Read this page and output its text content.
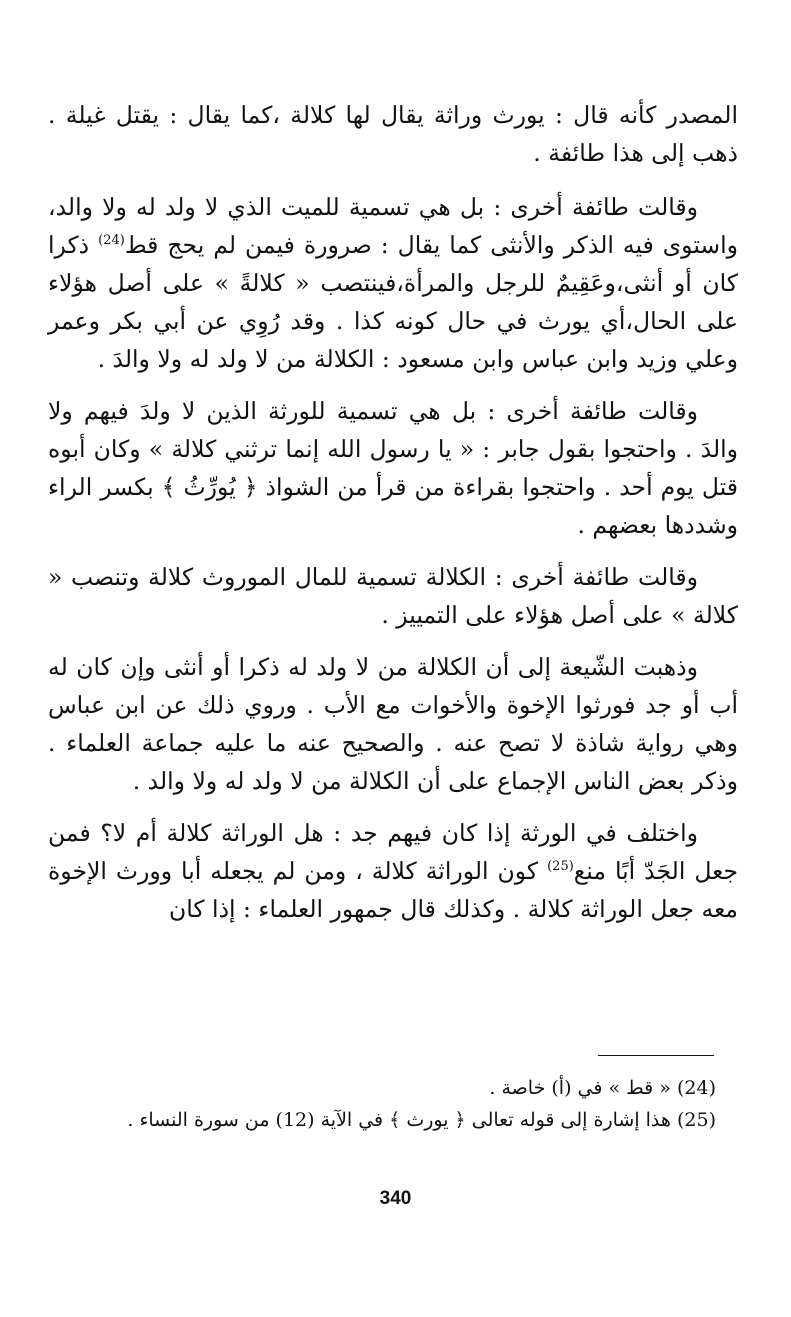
المصدر كأنه قال : يورث وراثة يقال لها كلالة ،كما يقال : يقتل غيلة . ذهب إلى هذا طائفة .

وقالت طائفة أخرى : بل هي تسمية للميت الذي لا ولد له ولا والد، واستوى فيه الذكر والأنثى كما يقال : صرورة فيمن لم يحج قط$^{(24)}$ ذكرا كان أو أنثى،وعَقِيمٌ للرجل والمرأة،فينتصب « كلالةً » على أصل هؤلاء على الحال،أي يورث في حال كونه كذا . وقد رُوِي عن أبي بكر وعمر وعلي وزيد وابن عباس وابن مسعود : الكلالة من لا ولد له ولا والدَ .

وقالت طائفة أخرى : بل هي تسمية للورثة الذين لا ولدَ فيهم ولا والدَ . واحتجوا بقول جابر : « يا رسول الله إنما ترثني كلالة » وكان أبوه قتل يوم أحد . واحتجوا بقراءة من قرأ من الشواذ ﴿ يُورِّثُ ﴾ بكسر الراء وشددها بعضهم .

وقالت طائفة أخرى : الكلالة تسمية للمال الموروث كلالة وتنصب « كلالة » على أصل هؤلاء على التمييز .

وذهبت الشّيعة إلى أن الكلالة من لا ولد له ذكرا أو أنثى وإن كان له أب أو جد فورثوا الإخوة والأخوات مع الأب . وروي ذلك عن ابن عباس وهي رواية شاذة لا تصح عنه . والصحيح عنه ما عليه جماعة العلماء . وذكر بعض الناس الإجماع على أن الكلالة من لا ولد له ولا والد .

واختلف في الورثة إذا كان فيهم جد : هل الوراثة كلالة أم لا؟ فمن جعل الجَدّ أبًا منع$^{(25)}$ كون الوراثة كلالة ، ومن لم يجعله أبا وورث الإخوة معه جعل الوراثة كلالة . وكذلك قال جمهور العلماء : إذا كان

(24) « قط » في (أ) خاصة .

(25) هذا إشارة إلى قوله تعالى ﴿ يورث ﴾ في الآية (12) من سورة النساء .

340
